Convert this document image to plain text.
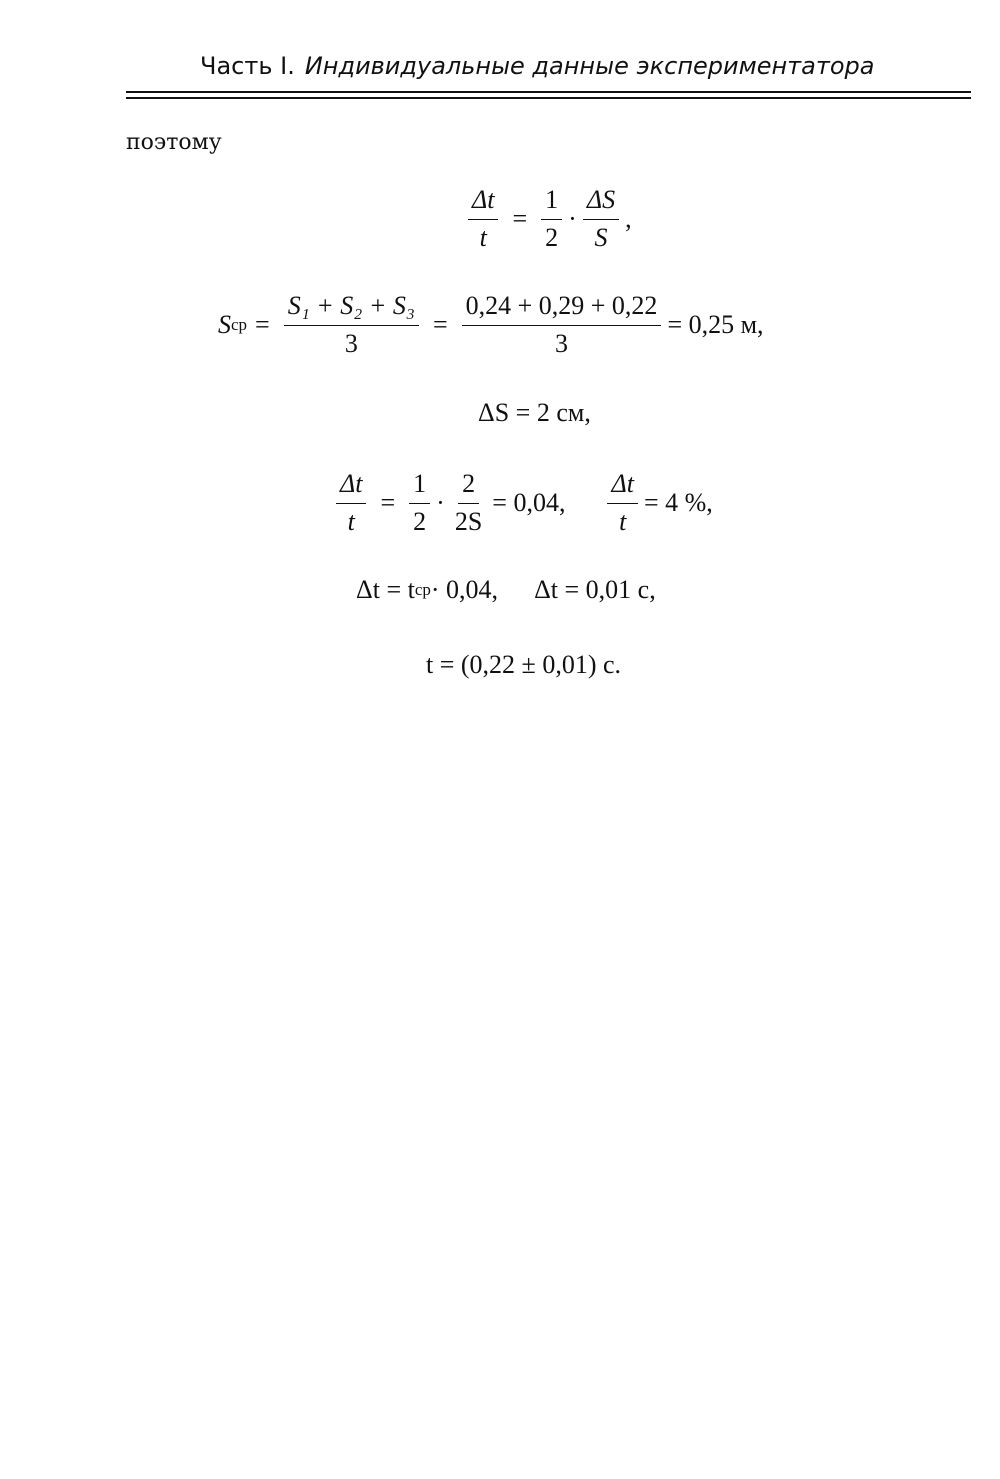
Часть I. Индивидуальные данные экспериментатора
поэтому
$\frac{\Delta t}{t} = \frac{1}{2} \cdot \frac{\Delta S}{S}$ ,
S ср = $\frac{\text{S₁ + S₂ + S₃}}{3} = \frac{0,24 + 0,29 + 0,22}{3} = 0,25$ м,
ΔS = 2 см,
$\frac{\Delta t}{t} = \frac{1}{2} \cdot \frac{2}{2S} = 0,04$, $\frac{\Delta t}{t} = 4$ %,
Δt = t ср · 0,04, Δt = 0,01 с,
t = (0,22 ± 0,01) с.
